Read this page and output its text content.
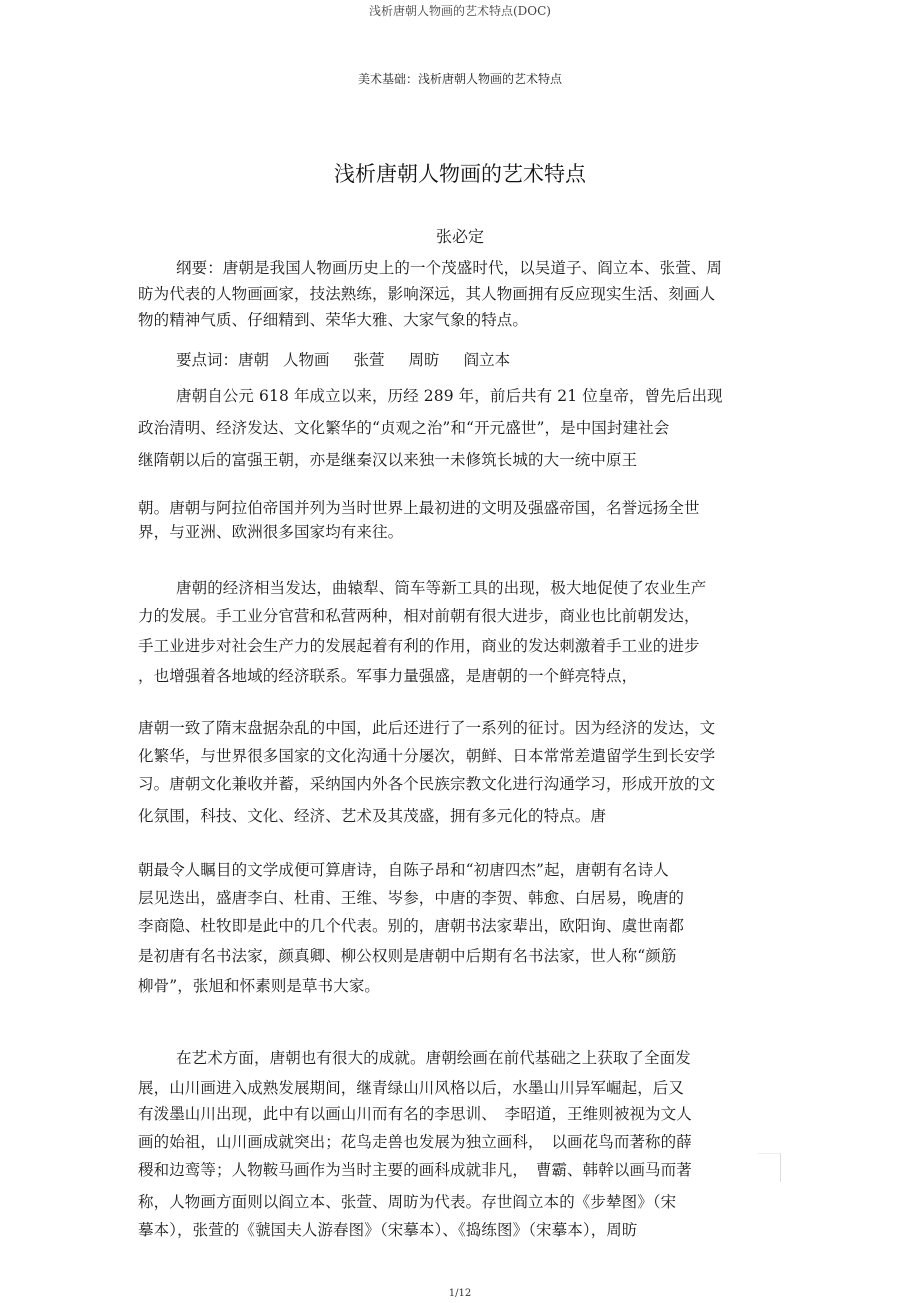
浅析唐朝人物画的艺术特点(DOC)
美术基础：浅析唐朝人物画的艺术特点
浅析唐朝人物画的艺术特点
张必定
纲要：唐朝是我国人物画历史上的一个茂盛时代，以吴道子、阎立本、张萱、周
昉为代表的人物画画家，技法熟练，影响深远，其人物画拥有反应现实生活、刻画人
物的精神气质、仔细精到、荣华大雅、大家气象的特点。
要点词：唐朝 人物画 张萱 周昉 阎立本
唐朝自公元 618 年成立以来，历经 289 年，前后共有 21 位皇帝，曾先后出现
政治清明、经济发达、文化繁华的“贞观之治”和“开元盛世”，是中国封建社会
继隋朝以后的富强王朝，亦是继秦汉以来独一未修筑长城的大一统中原王
朝。唐朝与阿拉伯帝国并列为当时世界上最初进的文明及强盛帝国，名誉远扬全世
界，与亚洲、欧洲很多国家均有来往。
唐朝的经济相当发达，曲辕犁、筒车等新工具的出现，极大地促使了农业生产
力的发展。手工业分官营和私营两种，相对前朝有很大进步，商业也比前朝发达，
手工业进步对社会生产力的发展起着有利的作用，商业的发达刺激着手工业的进步
，也增强着各地域的经济联系。军事力量强盛，是唐朝的一个鲜亮特点，
唐朝一致了隋末盘据杂乱的中国，此后还进行了一系列的征讨。因为经济的发达，文
化繁华，与世界很多国家的文化沟通十分屡次，朝鲜、日本常常差遣留学生到长安学
习。唐朝文化兼收并蓄，采纳国内外各个民族宗教文化进行沟通学习，形成开放的文
化氛围，科技、文化、经济、艺术及其茂盛，拥有多元化的特点。唐
朝最令人瞩目的文学成便可算唐诗，自陈子昂和“初唐四杰”起，唐朝有名诗人
层见迭出，盛唐李白、杜甫、王维、岑参，中唐的李贺、韩愈、白居易，晚唐的
李商隐、杜牧即是此中的几个代表。别的，唐朝书法家辈出，欧阳询、虞世南都
是初唐有名书法家，颜真卿、柳公权则是唐朝中后期有名书法家，世人称“颜筋
柳骨”，张旭和怀素则是草书大家。
在艺术方面，唐朝也有很大的成就。唐朝绘画在前代基础之上获取了全面发
展，山川画进入成熟发展期间，继青绿山川风格以后，水墨山川异军崛起，后又
有泼墨山川出现，此中有以画山川而有名的李思训、　李昭道，王维则被视为文人
画的始祖，山川画成就突出；花鸟走兽也发展为独立画科，　以画花鸟而著称的薛
稷和边鸾等；人物鞍马画作为当时主要的画科成就非凡，　曹霸、韩幹以画马而著
称，人物画方面则以阎立本、张萱、周昉为代表。存世阎立本的《步辇图》（宋
摹本），张萱的《虢国夫人游春图》（宋摹本）、《捣练图》（宋摹本），周昉
1/12
